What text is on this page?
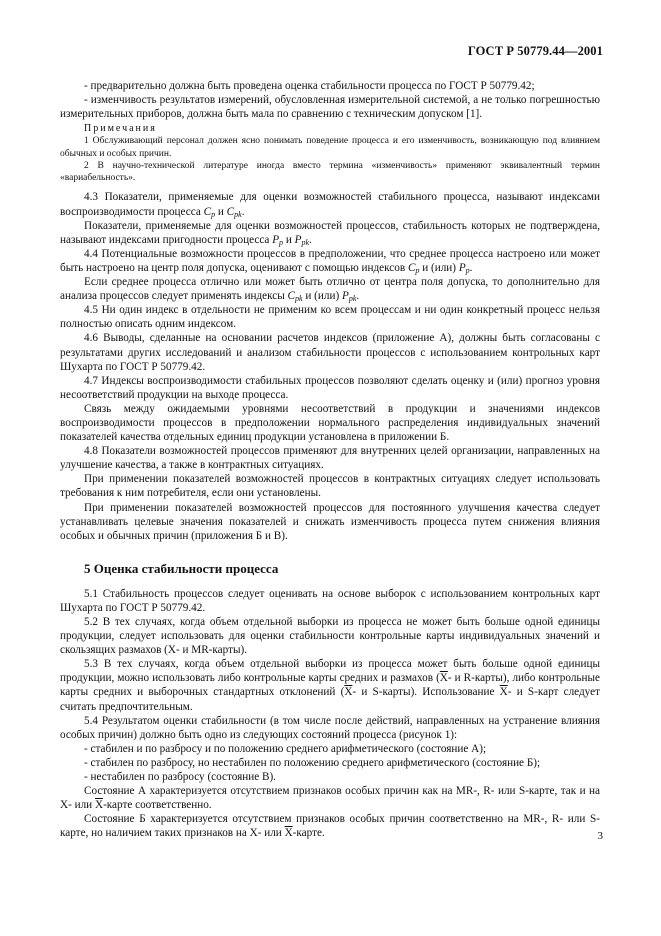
ГОСТ Р 50779.44—2001

- предварительно должна быть проведена оценка стабильности процесса по ГОСТ Р 50779.42;

- изменчивость результатов измерений, обусловленная измерительной системой, а не только погрешностью измерительных приборов, должна быть мала по сравнению с техническим допуском [1].

Примечания

1 Обслуживающий персонал должен ясно понимать поведение процесса и его изменчивость, возникающую под влиянием обычных и особых причин.

2 В научно-технической литературе иногда вместо термина «изменчивость» применяют эквивалентный термин «вариабельность».

4.3 Показатели, применяемые для оценки возможностей стабильного процесса, называют индексами воспроизводимости процесса $C_p$ и $C_{pk}$.

Показатели, применяемые для оценки возможностей процессов, стабильность которых не подтверждена, называют индексами пригодности процесса $P_p$ и $P_{pk}$.

4.4 Потенциальные возможности процессов в предположении, что среднее процесса настроено или может быть настроено на центр поля допуска, оценивают с помощью индексов $C_p$ и (или) $P_p$.

Если среднее процесса отлично или может быть отлично от центра поля допуска, то дополнительно для анализа процессов следует применять индексы $C_{pk}$ и (или) $P_{pk}$.

4.5 Ни один индекс в отдельности не применим ко всем процессам и ни один конкретный процесс нельзя полностью описать одним индексом.

4.6 Выводы, сделанные на основании расчетов индексов (приложение А), должны быть согласованы с результатами других исследований и анализом стабильности процессов с использованием контрольных карт Шухарта по ГОСТ Р 50779.42.

4.7 Индексы воспроизводимости стабильных процессов позволяют сделать оценку и (или) прогноз уровня несоответствий продукции на выходе процесса.

Связь между ожидаемыми уровнями несоответствий в продукции и значениями индексов воспроизводимости процессов в предположении нормального распределения индивидуальных значений показателей качества отдельных единиц продукции установлена в приложении Б.

4.8 Показатели возможностей процессов применяют для внутренних целей организации, направленных на улучшение качества, а также в контрактных ситуациях.

При применении показателей возможностей процессов в контрактных ситуациях следует использовать требования к ним потребителя, если они установлены.

При применении показателей возможностей процессов для постоянного улучшения качества следует устанавливать целевые значения показателей и снижать изменчивость процесса путем снижения влияния особых и обычных причин (приложения Б и В).

5 Оценка стабильности процесса

5.1 Стабильность процессов следует оценивать на основе выборок с использованием контрольных карт Шухарта по ГОСТ Р 50779.42.

5.2 В тех случаях, когда объем отдельной выборки из процесса не может быть больше одной единицы продукции, следует использовать для оценки стабильности контрольные карты индивидуальных значений и скользящих размахов (X- и MR-карты).

5.3 В тех случаях, когда объем отдельной выборки из процесса может быть больше одной единицы продукции, можно использовать либо контрольные карты средних и размахов ($\overline{X}-$ и R-карты), либо контрольные карты средних и выборочных стандартных отклонений ($\overline{X}-$ и S-карты). Использование $\overline{X}-$ и S-карт следует считать предпочтительным.

5.4 Результатом оценки стабильности (в том числе после действий, направленных на устранение влияния особых причин) должно быть одно из следующих состояний процесса (рисунок 1):

- стабилен и по разбросу и по положению среднего арифметического (состояние А);

- стабилен по разбросу, но нестабилен по положению среднего арифметического (состояние Б);

- нестабилен по разбросу (состояние В).

Состояние А характеризуется отсутствием признаков особых причин как на MR-, R- или S-карте, так и на X- или $\overline{X}$-карте соответственно.

Состояние Б характеризуется отсутствием признаков особых причин соответственно на MR-, R- или S-карте, но наличием таких признаков на X- или $\overline{X}$-карте.	3
